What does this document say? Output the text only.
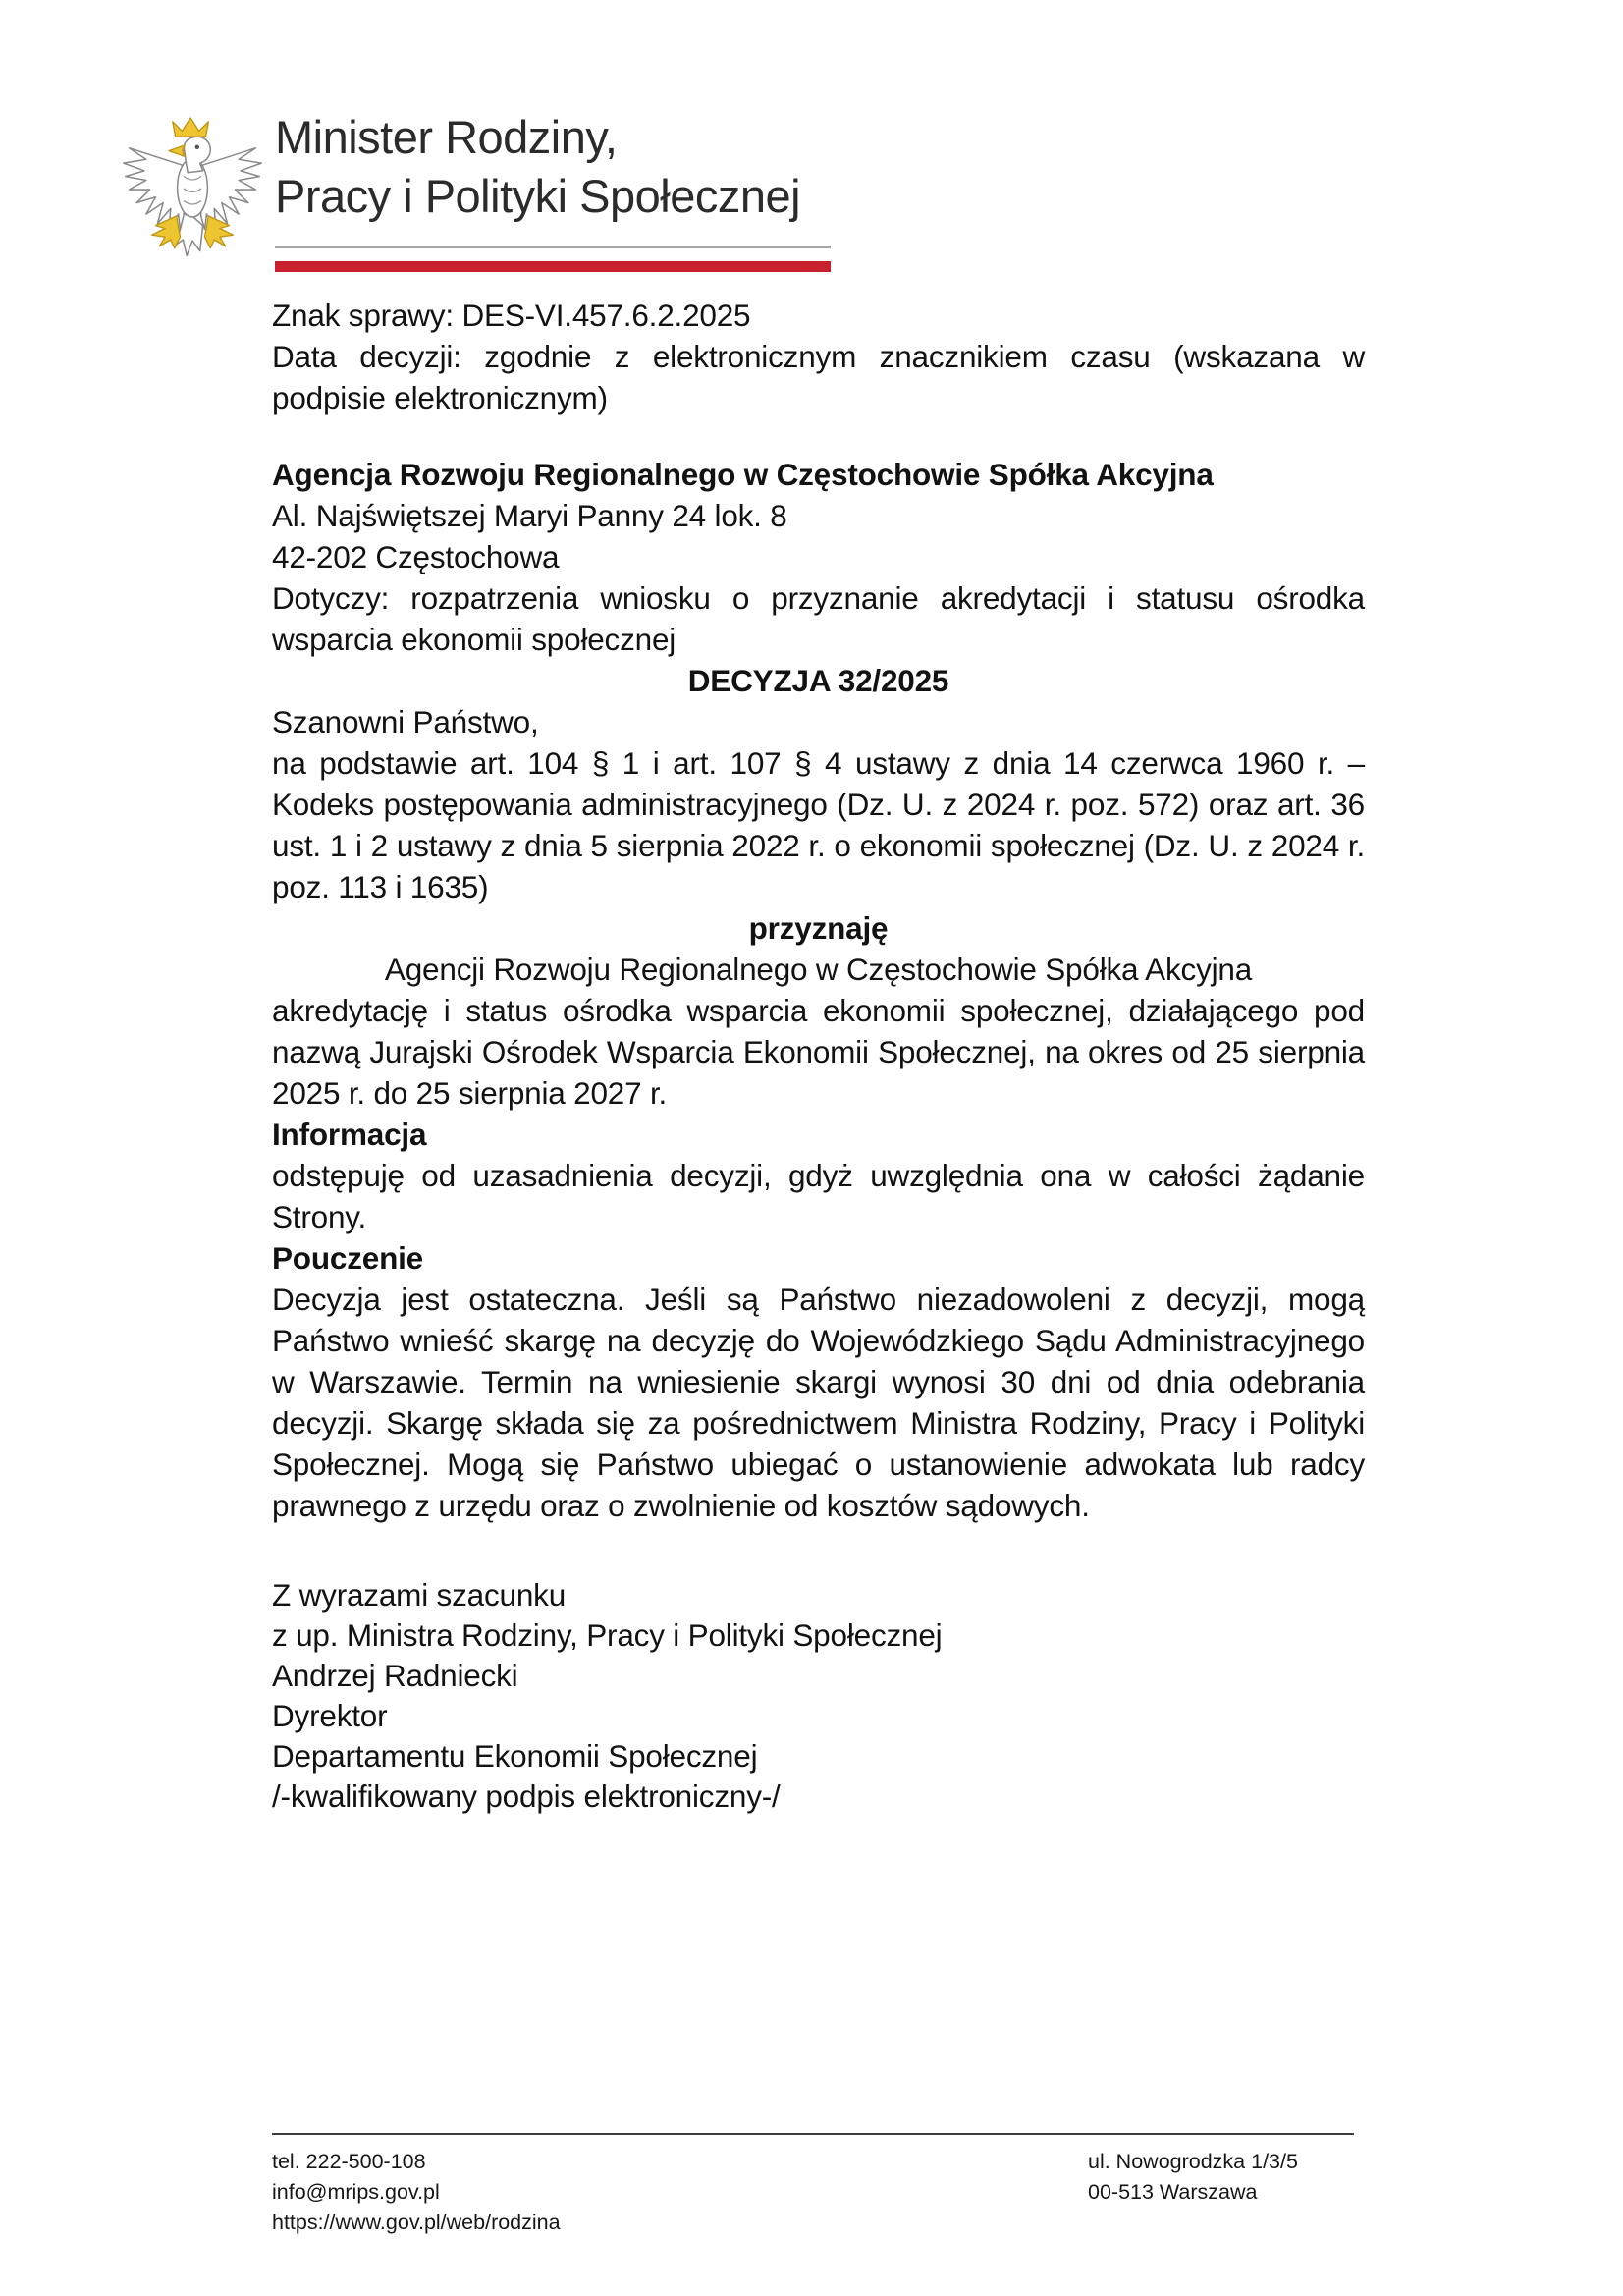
Minister Rodziny,
Pracy i Polityki Społecznej

Znak sprawy: DES-VI.457.6.2.2025

Data decyzji: zgodnie z elektronicznym znacznikiem czasu (wskazana w podpisie elektronicznym)

Agencja Rozwoju Regionalnego w Częstochowie Spółka Akcyjna

Al. Najświętszej Maryi Panny 24 lok. 8

42-202 Częstochowa

Dotyczy: rozpatrzenia wniosku o przyznanie akredytacji i statusu ośrodka wsparcia ekonomii społecznej

DECYZJA 32/2025

Szanowni Państwo,

na podstawie art. 104 § 1 i art. 107 § 4 ustawy z dnia 14 czerwca 1960 r. – Kodeks postępowania administracyjnego (Dz. U. z 2024 r. poz. 572) oraz art. 36 ust. 1 i 2 ustawy z dnia 5 sierpnia 2022 r. o ekonomii społecznej (Dz. U. z 2024 r. poz. 113 i 1635)

przyznaję

Agencji Rozwoju Regionalnego w Częstochowie Spółka Akcyjna

akredytację i status ośrodka wsparcia ekonomii społecznej, działającego pod nazwą Jurajski Ośrodek Wsparcia Ekonomii Społecznej, na okres od 25 sierpnia 2025 r. do 25 sierpnia 2027 r.

Informacja

odstępuję od uzasadnienia decyzji, gdyż uwzględnia ona w całości żądanie Strony.

Pouczenie

Decyzja jest ostateczna. Jeśli są Państwo niezadowoleni z decyzji, mogą Państwo wnieść skargę na decyzję do Wojewódzkiego Sądu Administracyjnego w Warszawie. Termin na wniesienie skargi wynosi 30 dni od dnia odebrania decyzji. Skargę składa się za pośrednictwem Ministra Rodziny, Pracy i Polityki Społecznej. Mogą się Państwo ubiegać o ustanowienie adwokata lub radcy prawnego z urzędu oraz o zwolnienie od kosztów sądowych.

Z wyrazami szacunku

z up. Ministra Rodziny, Pracy i Polityki Społecznej

Andrzej Radniecki

Dyrektor

Departamentu Ekonomii Społecznej

/-kwalifikowany podpis elektroniczny-/

tel. 222-500-108

info@mrips.gov.pl

https://www.gov.pl/web/rodzina

ul. Nowogrodzka 1/3/5

00-513 Warszawa
